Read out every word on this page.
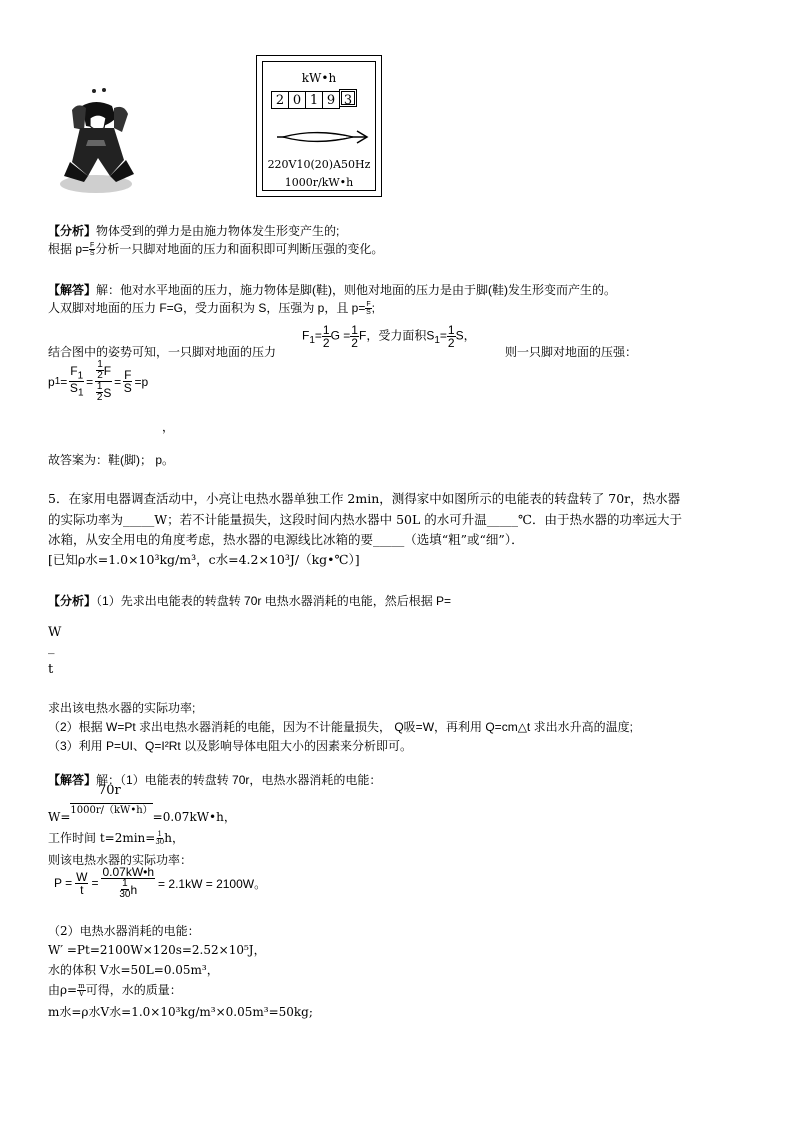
kW•h
2 0 1 9 3
220V10(20)A50Hz
1000r/kW•h
【分析】物体受到的弹力是由施力物体发生形变产生的;
根据 $p= \frac{F}{S}$ 分析一只脚对地面的压力和面积即可判断压强的变化。
【解答】解：他对水平地面的压力，施力物体是脚(鞋)，则他对地面的压力是由于脚(鞋)发生形变而产生的。
人双脚对地面的压力 F=G，受力面积为 S，压强为 p，且 $p= \frac{F}{S}$ ;
结合图中的姿势可知，一只脚对地面的压力
$F_1= \frac{1}{2}$ $G = \frac{1}{2}$ F，受力面积$S_1= \frac{1}{2}$ S，
则一只脚对地面的压强：
p $1 = \frac{F_1}{S_1} = \frac{\frac{1}{2} F}{\frac{1}{2} S} = \frac{F}{S} =p$
，
故答案为：鞋(脚)； p。
5．在家用电器调查活动中，小亮让电热水器单独工作 2min，测得家中如图所示的电能表的转盘转了 70r，热水器
的实际功率为_____W；若不计能量损失，这段时间内热水器中 50L 的水可升温_____℃．由于热水器的功率远大于
冰箱，从安全用电的角度考虑，热水器的电源线比冰箱的要_____（选填“粗”或“细”）．
[已知ρ水=1.0×10³kg/m³，c水=4.2×10³J/（kg•℃）]
【分析】（1）先求出电能表的转盘转 70r 电热水器消耗的电能，然后根据 P=
W
_
t
求出该电热水器的实际功率;
（2）根据 W=Pt 求出电热水器消耗的电能，因为不计能量损失， Q吸=W，再利用 Q=cm△t 求出水升高的温度;
（3）利用 P=UI、Q=I²Rt 以及影响导体电阻大小的因素来分析即可。
【解答】解：（1）电能表的转盘转 70r，电热水器消耗的电能：
70r
W=$^{1000r/(kW•h)}$=0.07kW•h，
工作时间 $t=2\min= \frac{1}{30}$ h，
则该电热水器的实际功率：
$P = \frac{W}{t} = \frac{0.07kW•h}{\frac{1}{30} h} = 2.1kW = 2100W$。
（2）电热水器消耗的电能：
W′ =Pt=2100W×120s=2.52×10⁵J，
水的体积 V水=50L=0.05m³，
由$\rho= \frac{m}{V}$ 可得，水的质量：
m水=ρ水V水=1.0×10³kg/m³×0.05m³=50kg;
